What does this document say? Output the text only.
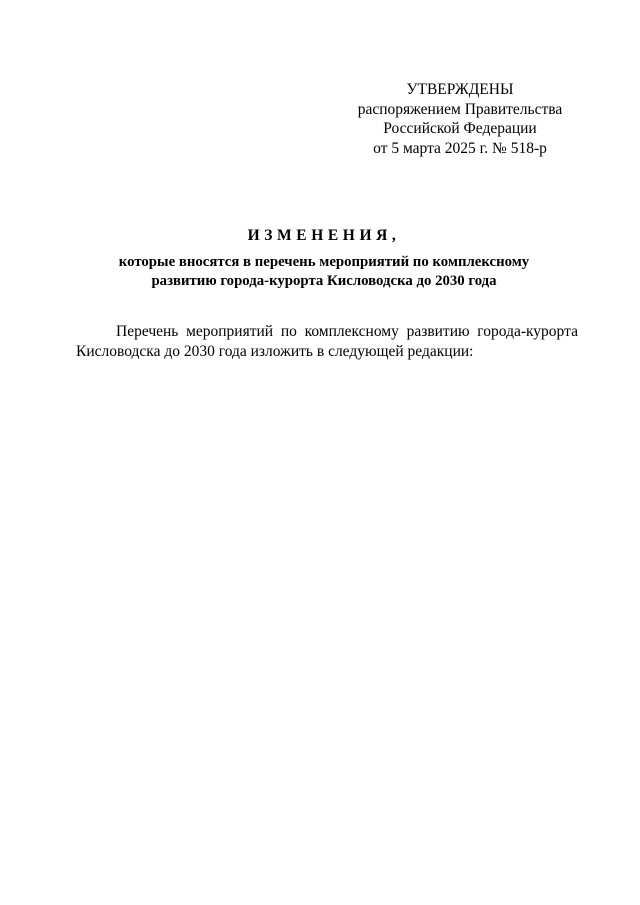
УТВЕРЖДЕНЫ
распоряжением Правительства
Российской Федерации
от 5 марта 2025 г. № 518-р
ИЗМЕНЕНИЯ,
которые вносятся в перечень мероприятий по комплексному
развитию города-курорта Кисловодска до 2030 года
Перечень мероприятий по комплексному развитию города-курорта
Кисловодска до 2030 года изложить в следующей редакции:
